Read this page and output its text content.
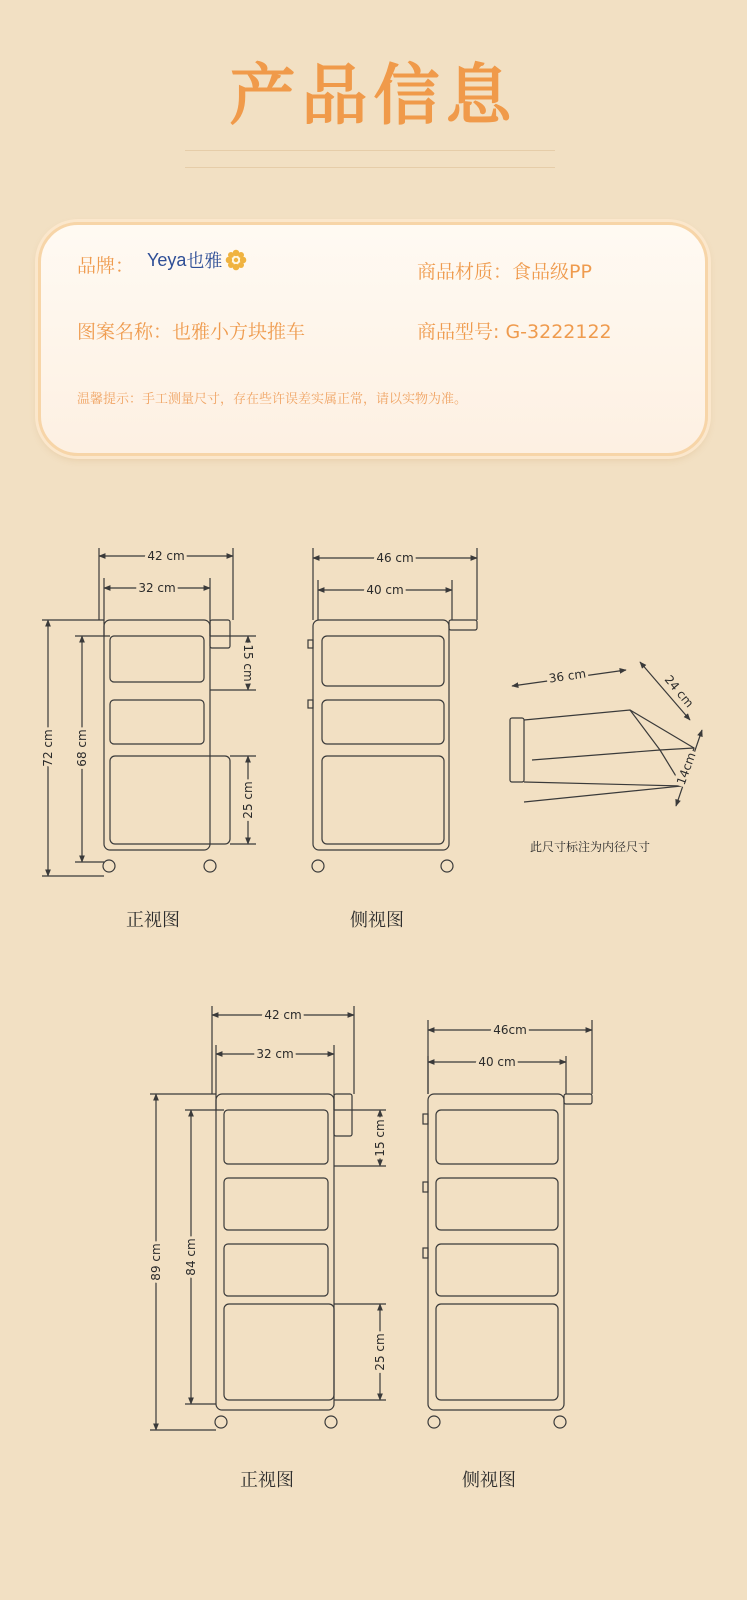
产品信息
品牌： Yeya 也雅	商品材质：食品级PP
图案名称：也雅小方块推车	商品型号: G-3222122
温馨提示：手工测量尺寸，存在些许误差实属正常，请以实物为准。
42 cm
32 cm
72 cm 68 cm
15 cm
25 cm
46 cm
40 cm
36 cm	24 cm
14cm
42 cm
32 cm
89 cm 84 cm
15 cm
25 cm
46cm
40 cm
此尺寸标注为内径尺寸
正视图	侧视图
正视图	侧视图
